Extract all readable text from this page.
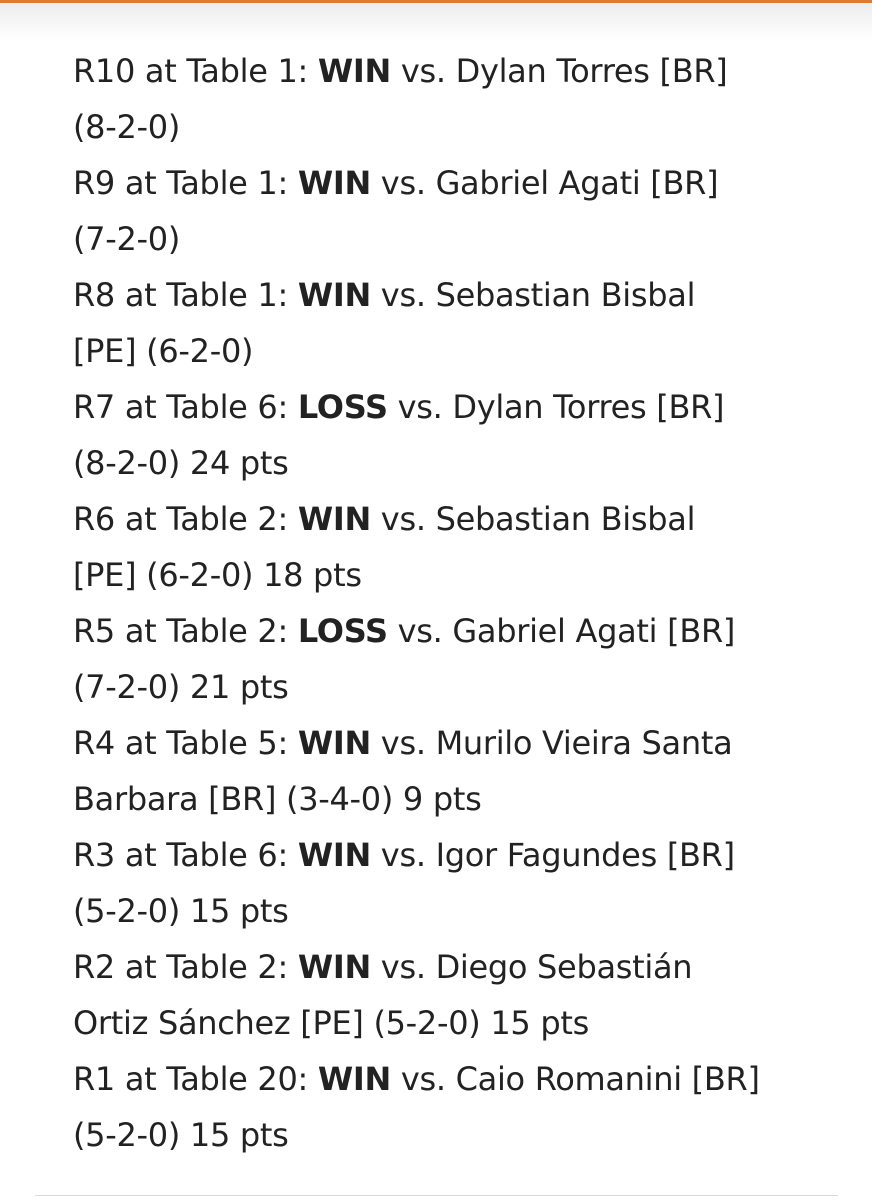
R10 at Table 1: WIN vs. Dylan Torres [BR]
(8-2-0)
R9 at Table 1: WIN vs. Gabriel Agati [BR]
(7-2-0)
R8 at Table 1: WIN vs. Sebastian Bisbal
[PE] (6-2-0)
R7 at Table 6: LOSS vs. Dylan Torres [BR]
(8-2-0) 24 pts
R6 at Table 2: WIN vs. Sebastian Bisbal
[PE] (6-2-0) 18 pts
R5 at Table 2: LOSS vs. Gabriel Agati [BR]
(7-2-0) 21 pts
R4 at Table 5: WIN vs. Murilo Vieira Santa
Barbara [BR] (3-4-0) 9 pts
R3 at Table 6: WIN vs. Igor Fagundes [BR]
(5-2-0) 15 pts
R2 at Table 2: WIN vs. Diego Sebastián
Ortiz Sánchez [PE] (5-2-0) 15 pts
R1 at Table 20: WIN vs. Caio Romanini [BR]
(5-2-0) 15 pts
